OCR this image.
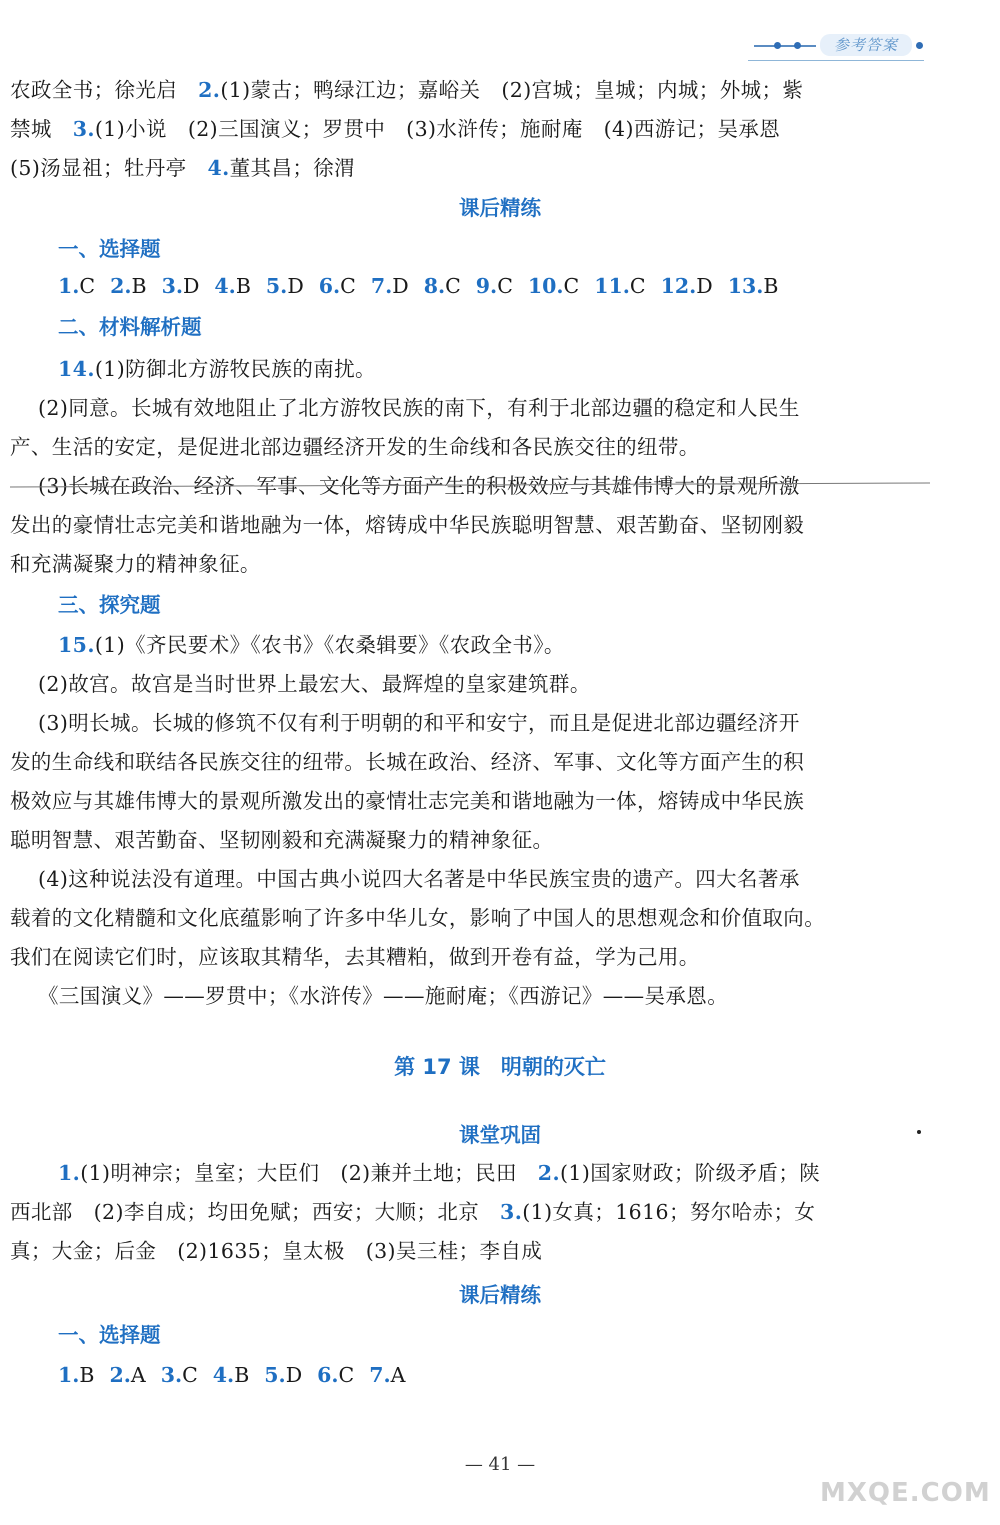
参考答案
农政全书；徐光启　2.(1)蒙古；鸭绿江边；嘉峪关　(2)宫城；皇城；内城；外城；紫
禁城　3.(1)小说　(2)三国演义；罗贯中　(3)水浒传；施耐庵　(4)西游记；吴承恩
(5)汤显祖；牡丹亭　4.董其昌；徐渭
课后精练
一、选择题
1.C 2.B 3.D 4.B 5.D 6.C 7.D 8.C 9.C 10.C 11.C 12.D 13.B
二、材料解析题
14.(1)防御北方游牧民族的南扰。
(2)同意。长城有效地阻止了北方游牧民族的南下，有利于北部边疆的稳定和人民生
产、生活的安定，是促进北部边疆经济开发的生命线和各民族交往的纽带。
(3)长城在政治、经济、军事、文化等方面产生的积极效应与其雄伟博大的景观所激
发出的豪情壮志完美和谐地融为一体，熔铸成中华民族聪明智慧、艰苦勤奋、坚韧刚毅
和充满凝聚力的精神象征。
三、探究题
15.(1)《齐民要术》《农书》《农桑辑要》《农政全书》。
(2)故宫。故宫是当时世界上最宏大、最辉煌的皇家建筑群。
(3)明长城。长城的修筑不仅有利于明朝的和平和安宁，而且是促进北部边疆经济开
发的生命线和联结各民族交往的纽带。长城在政治、经济、军事、文化等方面产生的积
极效应与其雄伟博大的景观所激发出的豪情壮志完美和谐地融为一体，熔铸成中华民族
聪明智慧、艰苦勤奋、坚韧刚毅和充满凝聚力的精神象征。
(4)这种说法没有道理。中国古典小说四大名著是中华民族宝贵的遗产。四大名著承
载着的文化精髓和文化底蕴影响了许多中华儿女，影响了中国人的思想观念和价值取向。
我们在阅读它们时，应该取其精华，去其糟粕，做到开卷有益，学为己用。
《三国演义》——罗贯中；《水浒传》——施耐庵；《西游记》——吴承恩。
第 17 课　明朝的灭亡
课堂巩固
1.(1)明神宗；皇室；大臣们　(2)兼并土地；民田　2.(1)国家财政；阶级矛盾；陕
西北部　(2)李自成；均田免赋；西安；大顺；北京　3.(1)女真；1616；努尔哈赤；女
真；大金；后金　(2)1635；皇太极　(3)吴三桂；李自成
课后精练
一、选择题
1.B 2.A 3.C 4.B 5.D 6.C 7.A
— 41 —
MXQE.COM
